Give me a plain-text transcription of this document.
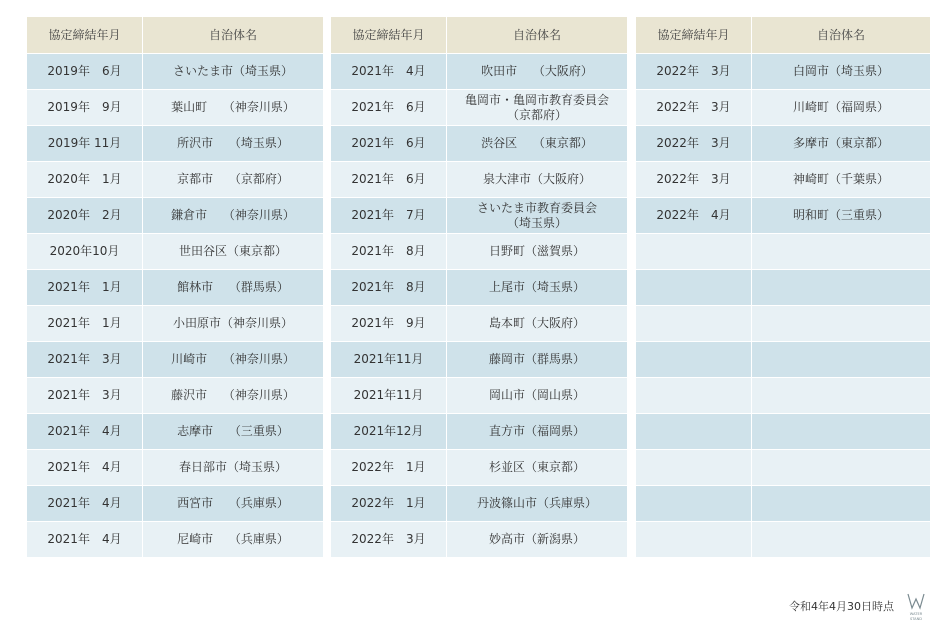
協定締結年月	自治体名
2019年　6月	さいたま市（埼玉県）
2019年　9月	葉山町　 （神奈川県）
2019年 11月	所沢市　 （埼玉県）
2020年　1月	京都市　 （京都府）
2020年　2月	鎌倉市　 （神奈川県）
2020年10月	世田谷区（東京都）
2021年　1月	館林市　 （群馬県）
2021年　1月	小田原市（神奈川県）
2021年　3月	川崎市　 （神奈川県）
2021年　3月	藤沢市　 （神奈川県）
2021年　4月	志摩市　 （三重県）
2021年　4月	春日部市（埼玉県）
2021年　4月	西宮市　 （兵庫県）
2021年　4月	尼崎市　 （兵庫県）
協定締結年月	自治体名
2021年　4月	吹田市　 （大阪府）
2021年　6月	亀岡市・亀岡市教育委員会
（京都府）
2021年　6月	渋谷区　 （東京都）
2021年　6月	泉大津市（大阪府）
2021年　7月	さいたま市教育委員会
（埼玉県）
2021年　8月	日野町（滋賀県）
2021年　8月	上尾市（埼玉県）
2021年　9月	島本町（大阪府）
2021年11月	藤岡市（群馬県）
2021年11月	岡山市（岡山県）
2021年12月	直方市（福岡県）
2022年　1月	杉並区（東京都）
2022年　1月	丹波篠山市（兵庫県）
2022年　3月	妙高市（新潟県）
協定締結年月	自治体名
2022年　3月	白岡市（埼玉県）
2022年　3月	川崎町（福岡県）
2022年　3月	多摩市（東京都）
2022年　3月	神崎町（千葉県）
2022年　4月	明和町（三重県）

令和4年4月30日時点
WATER
STAND
